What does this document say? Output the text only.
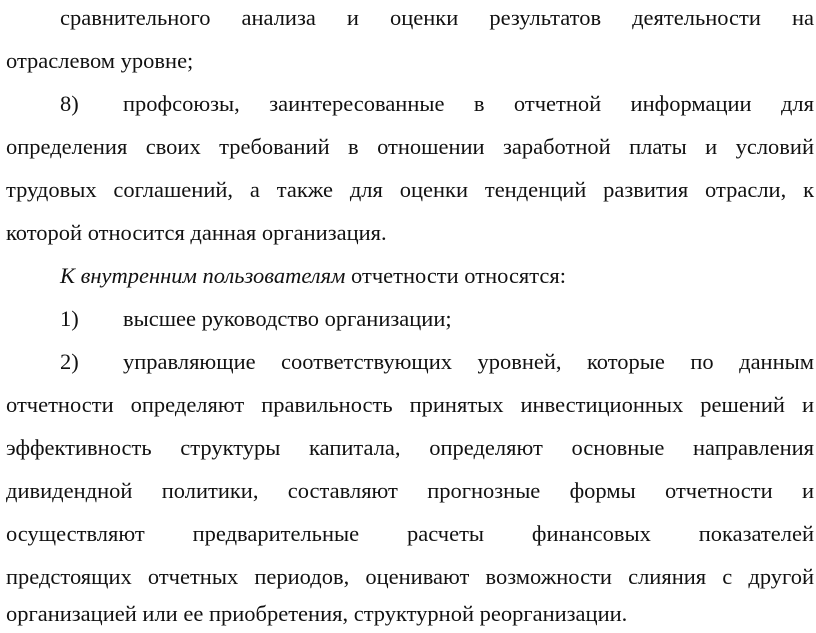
сравнительного анализа и оценки результатов деятельности на
отраслевом уровне;
8)	профсоюзы, заинтересованные в отчетной информации для
определения своих требований в отношении заработной платы и условий
трудовых соглашений, а также для оценки тенденций развития отрасли, к
которой относится данная организация.
К внутренним пользователям отчетности относятся:
1)	высшее руководство организации;
2)	управляющие соответствующих уровней, которые по данным
отчетности определяют правильность принятых инвестиционных решений и
эффективность структуры капитала, определяют основные направления
дивидендной политики, составляют прогнозные формы отчетности и
осуществляют предварительные расчеты финансовых показателей
предстоящих отчетных периодов, оценивают возможности слияния с другой
организацией или ее приобретения, структурной реорганизации.
